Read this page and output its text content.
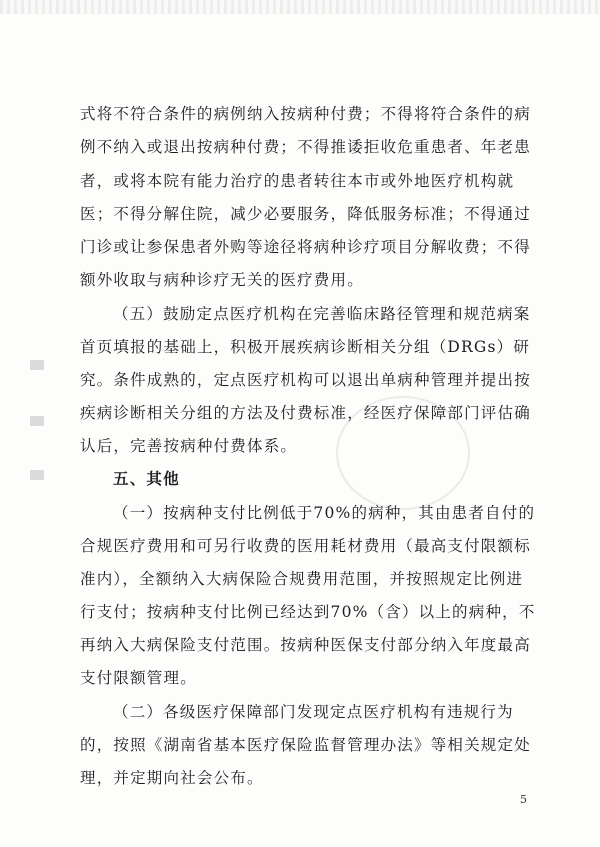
式将不符合条件的病例纳入按病种付费；不得将符合条件的病
例不纳入或退出按病种付费；不得推诿拒收危重患者、年老患
者，或将本院有能力治疗的患者转往本市或外地医疗机构就
医；不得分解住院，减少必要服务，降低服务标准；不得通过
门诊或让参保患者外购等途径将病种诊疗项目分解收费；不得
额外收取与病种诊疗无关的医疗费用。
（五）鼓励定点医疗机构在完善临床路径管理和规范病案
首页填报的基础上，积极开展疾病诊断相关分组（DRGs）研
究。条件成熟的，定点医疗机构可以退出单病种管理并提出按
疾病诊断相关分组的方法及付费标准，经医疗保障部门评估确
认后，完善按病种付费体系。
五、其他
（一）按病种支付比例低于70%的病种，其由患者自付的
合规医疗费用和可另行收费的医用耗材费用（最高支付限额标
准内），全额纳入大病保险合规费用范围，并按照规定比例进
行支付；按病种支付比例已经达到70%（含）以上的病种，不
再纳入大病保险支付范围。按病种医保支付部分纳入年度最高
支付限额管理。
（二）各级医疗保障部门发现定点医疗机构有违规行为
的，按照《湖南省基本医疗保险监督管理办法》等相关规定处
理，并定期向社会公布。
5
